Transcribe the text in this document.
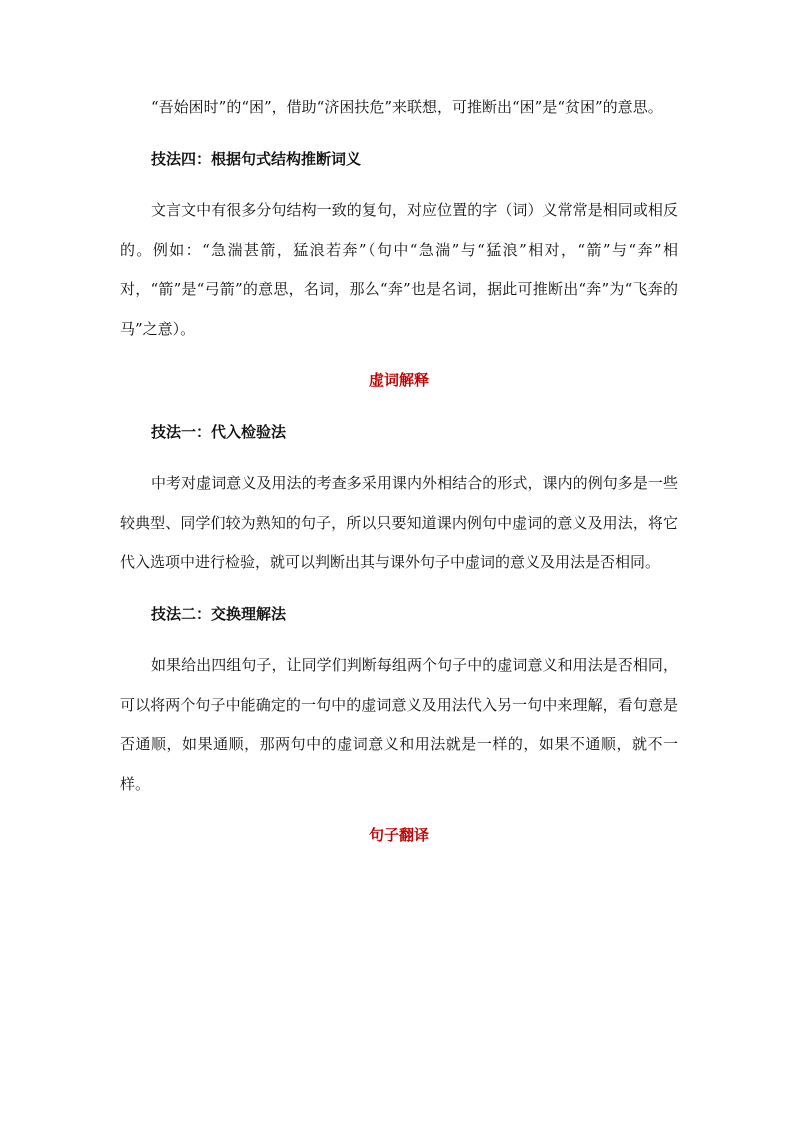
“吾始困时”的“困”，借助“济困扶危”来联想，可推断出“困”是“贫困”的意思。

技法四：根据句式结构推断词义

文言文中有很多分句结构一致的复句，对应位置的字（词）义常常是相同或相反的。例如：“急湍甚箭，猛浪若奔”（句中“急湍”与“猛浪”相对，“箭”与“奔”相对，“箭”是“弓箭”的意思，名词，那么“奔”也是名词，据此可推断出“奔”为“飞奔的马”之意）。

虚词解释

技法一：代入检验法

中考对虚词意义及用法的考查多采用课内外相结合的形式，课内的例句多是一些较典型、同学们较为熟知的句子，所以只要知道课内例句中虚词的意义及用法，将它代入选项中进行检验，就可以判断出其与课外句子中虚词的意义及用法是否相同。

技法二：交换理解法

如果给出四组句子，让同学们判断每组两个句子中的虚词意义和用法是否相同，可以将两个句子中能确定的一句中的虚词意义及用法代入另一句中来理解，看句意是否通顺，如果通顺，那两句中的虚词意义和用法就是一样的，如果不通顺，就不一样。

句子翻译
